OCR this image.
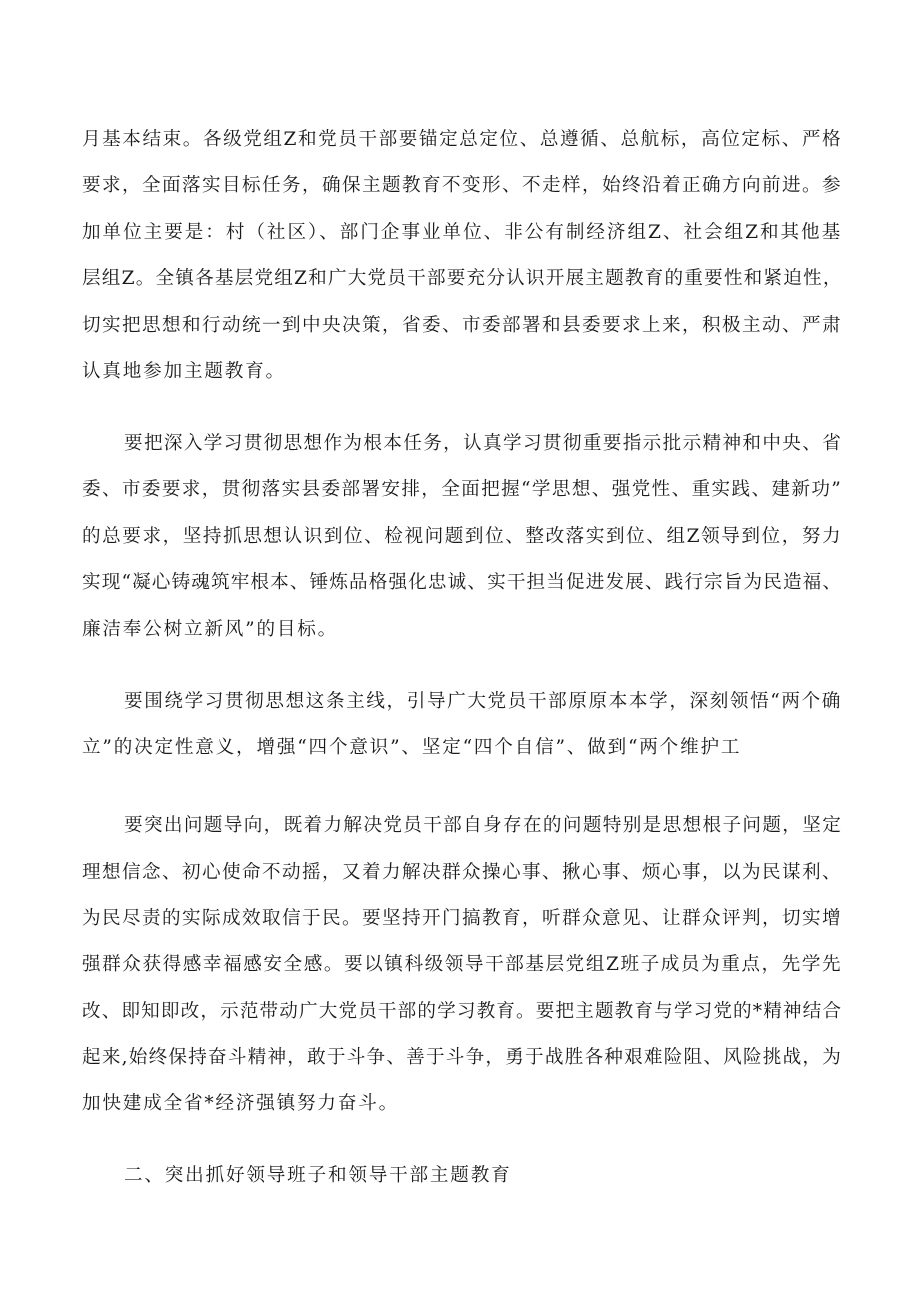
月基本结束。各级党组Z和党员干部要锚定总定位、总遵循、总航标，高位定标、严格
要求，全面落实目标任务，确保主题教育不变形、不走样，始终沿着正确方向前进。参
加单位主要是：村（社区）、部门企事业单位、非公有制经济组Z、社会组Z和其他基
层组Z。全镇各基层党组Z和广大党员干部要充分认识开展主题教育的重要性和紧迫性，
切实把思想和行动统一到中央决策，省委、市委部署和县委要求上来，积极主动、严肃
认真地参加主题教育。
要把深入学习贯彻思想作为根本任务，认真学习贯彻重要指示批示精神和中央、省
委、市委要求，贯彻落实县委部署安排，全面把握“学思想、强党性、重实践、建新功”
的总要求，坚持抓思想认识到位、检视问题到位、整改落实到位、组Z领导到位，努力
实现“凝心铸魂筑牢根本、锤炼品格强化忠诚、实干担当促进发展、践行宗旨为民造福、
廉洁奉公树立新风”的目标。
要围绕学习贯彻思想这条主线，引导广大党员干部原原本本学，深刻领悟“两个确
立”的决定性意义，增强“四个意识”、坚定“四个自信”、做到“两个维护工
要突出问题导向，既着力解决党员干部自身存在的问题特别是思想根子问题，坚定
理想信念、初心使命不动摇，又着力解决群众操心事、揪心事、烦心事，以为民谋利、
为民尽责的实际成效取信于民。要坚持开门搞教育，听群众意见、让群众评判，切实增
强群众获得感幸福感安全感。要以镇科级领导干部基层党组Z班子成员为重点，先学先
改、即知即改，示范带动广大党员干部的学习教育。要把主题教育与学习党的*精神结合
起来,始终保持奋斗精神，敢于斗争、善于斗争，勇于战胜各种艰难险阻、风险挑战，为
加快建成全省*经济强镇努力奋斗。
二、突出抓好领导班子和领导干部主题教育
